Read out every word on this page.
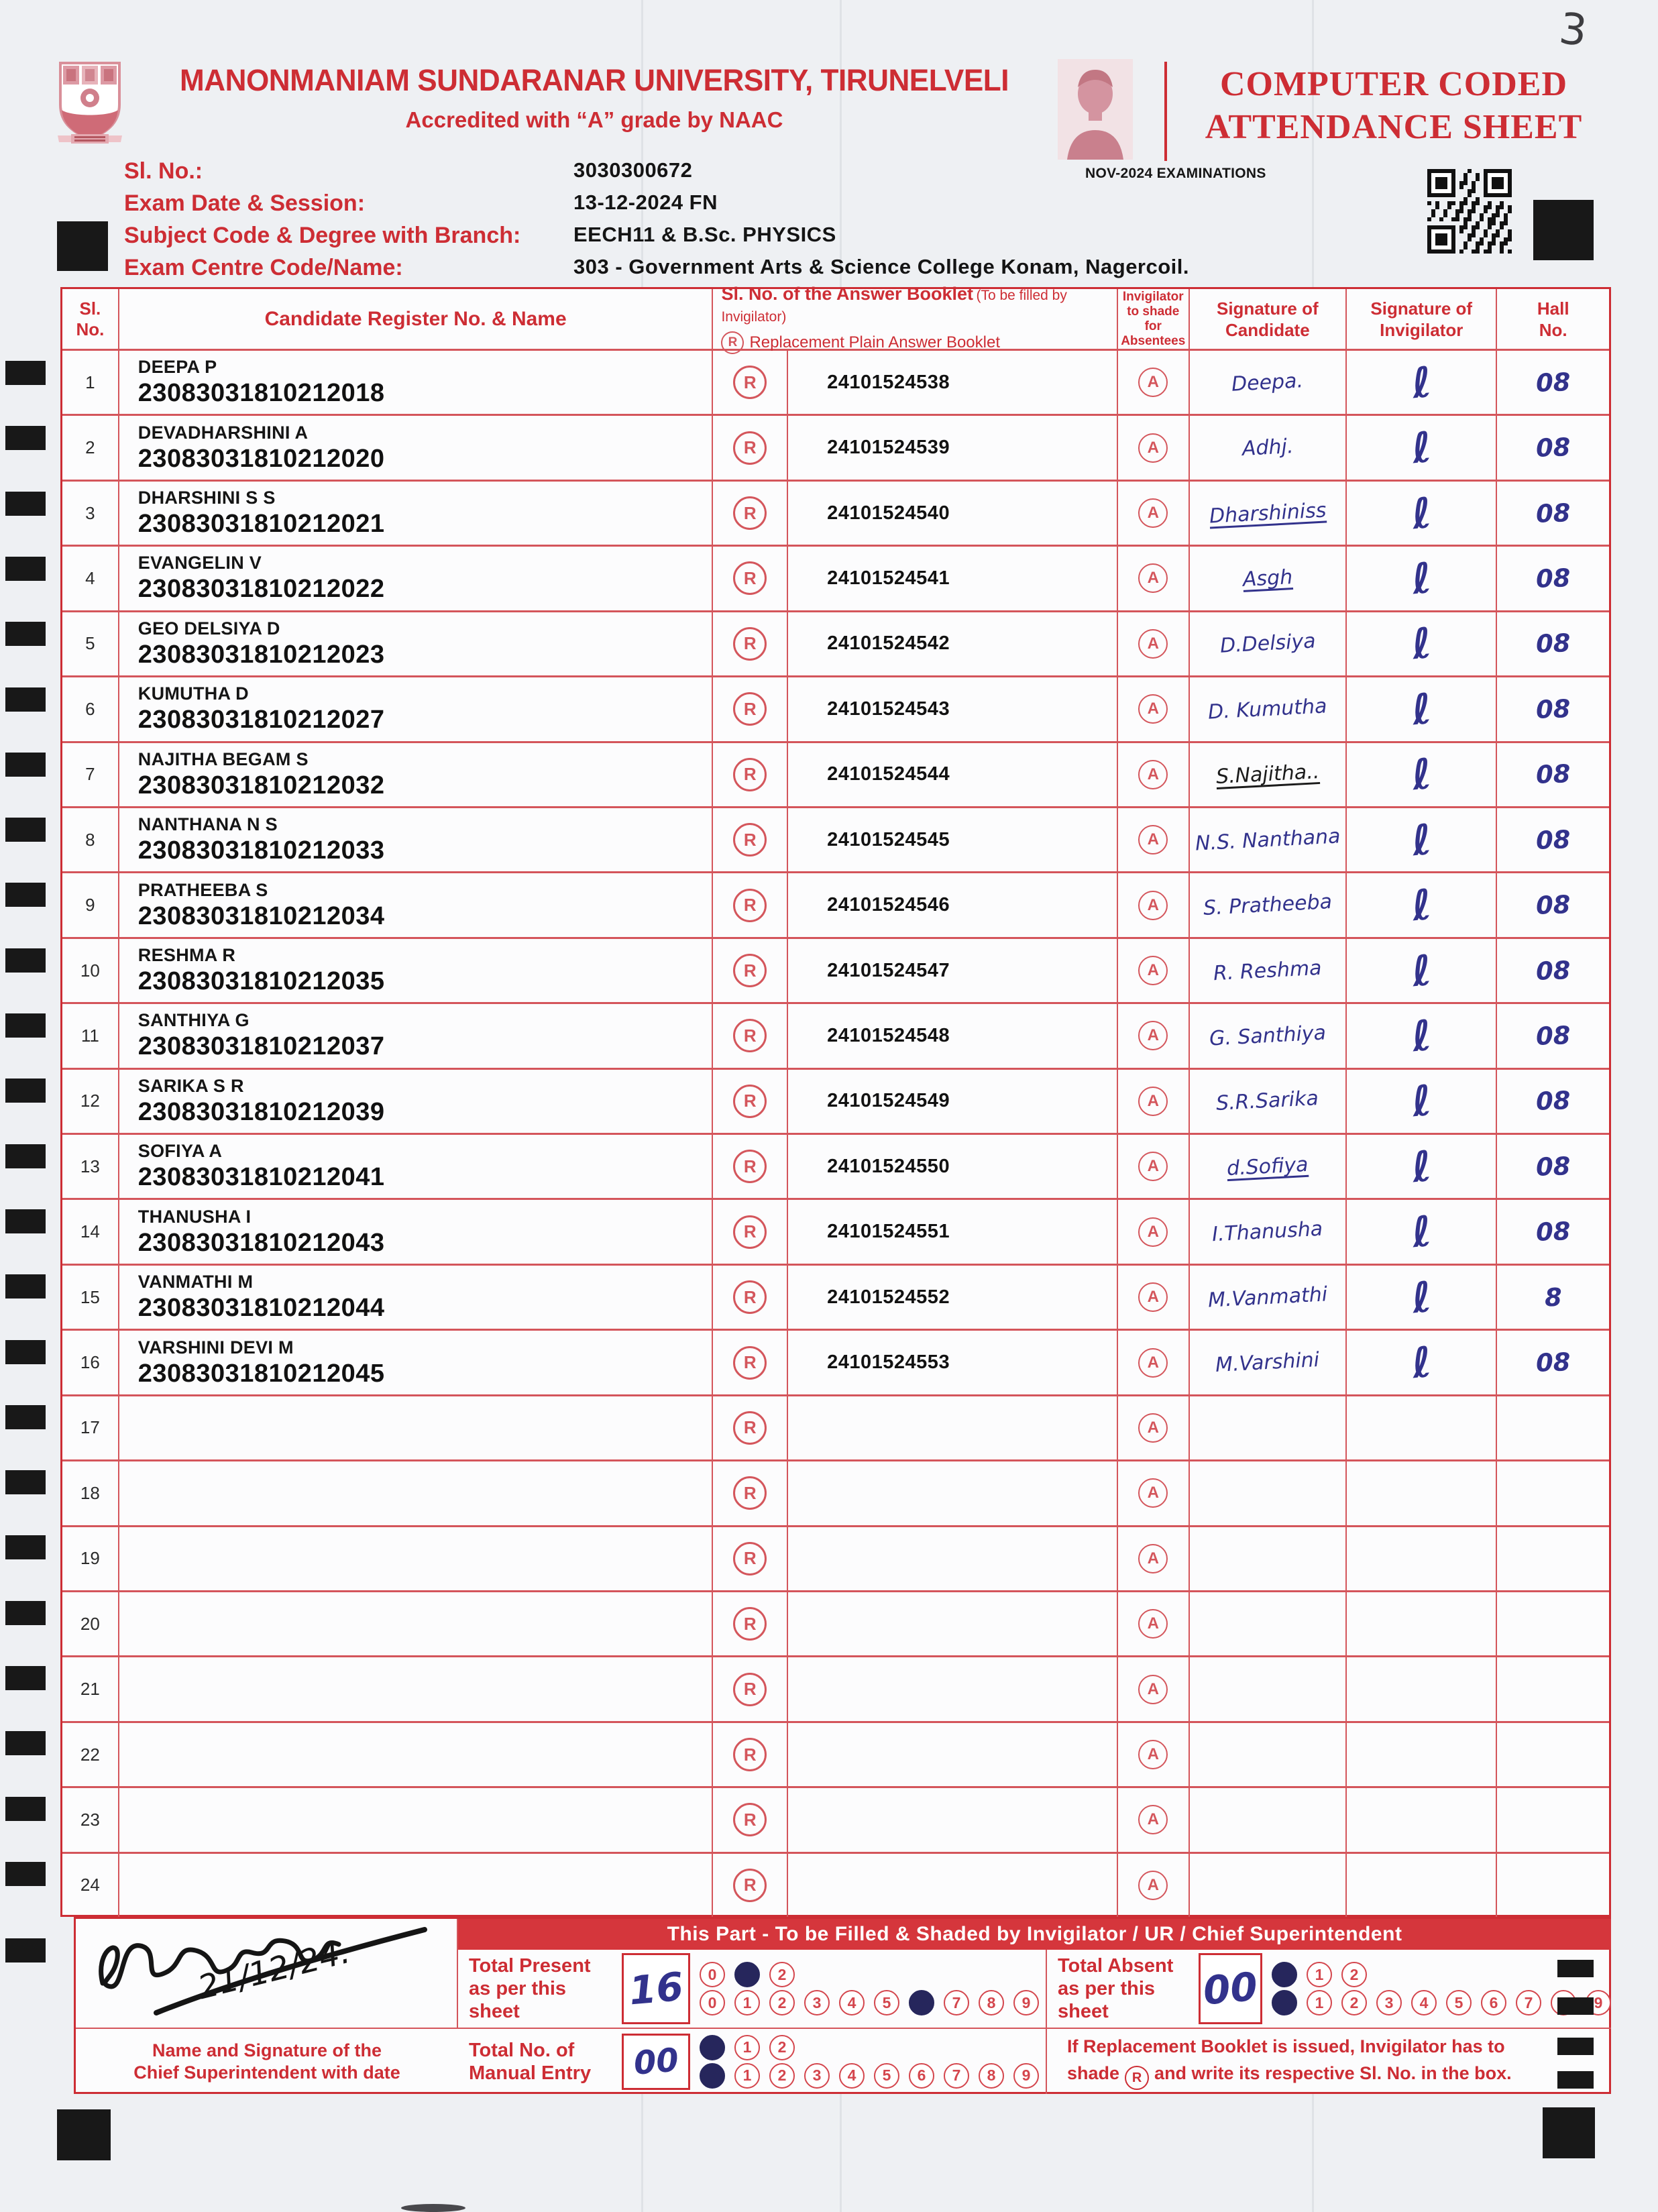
3
MANONMANIAM SUNDARANAR UNIVERSITY, TIRUNELVELI
Accredited with “A” grade by NAAC
COMPUTER CODED
ATTENDANCE SHEET
NOV-2024 EXAMINATIONS
Sl. No.:	3030300672
Exam Date & Session:	13-12-2024 FN
Subject Code & Degree with Branch:	EECH11 & B.Sc. PHYSICS
Exam Centre Code/Name:	303 - Government Arts & Science College Konam, Nagercoil.
Sl.
No.	Candidate Register No. & Name
Sl. No. of the Answer Booklet (To be filled by Invigilator)
R Replacement Plain Answer Booklet
Invigilator
to shade for
Absentees
Signature of
Candidate
Signature of
Invigilator
Hall
No.
1
DEEPA P
23083031810212018	R	24101524538	A	Deepa.	ℓ	08
2
DEVADHARSHINI A
23083031810212020	R	24101524539	A	Adhj.	ℓ	08
3
DHARSHINI S S
23083031810212021	R	24101524540	A	Dharshiniss ℓ	08
4
EVANGELIN V
23083031810212022	R	24101524541	A	Asgh	ℓ	08
5
GEO DELSIYA D
23083031810212023	R	24101524542	A	D.Delsiya ℓ	08
6
KUMUTHA D
23083031810212027	R	24101524543	A	D. Kumutha ℓ	08
7
NAJITHA BEGAM S
23083031810212032	R	24101524544	A	S.Najitha.. ℓ	08
8
NANTHANA N S
23083031810212033	R	24101524545	A	N.S. Nanthana ℓ	08
9
PRATHEEBA S
23083031810212034	R	24101524546	A	S. Pratheeba ℓ	08
10
RESHMA R
23083031810212035	R	24101524547	A	R. Reshma ℓ	08
11
SANTHIYA G
23083031810212037	R	24101524548	A	G. Santhiya ℓ	08
12
SARIKA S R
23083031810212039	R	24101524549	A	S.R.Sarika ℓ	08
13
SOFIYA A
23083031810212041	R	24101524550	A	d.Sofiya ℓ	08
14
THANUSHA I
23083031810212043	R	24101524551	A	I.Thanusha ℓ	08
15
VANMATHI M
23083031810212044	R	24101524552	A	M.Vanmathi ℓ	8
16
VARSHINI DEVI M
23083031810212045	R	24101524553	A	M.Varshini ℓ	08
17	R	A
18	R	A
19	R	A
20	R	A
21	R	A
22	R	A
23	R	A
24	R	A
21/12/24.
Name and Signature of the
Chief Superintendent with date
This Part - To be Filled & Shaded by Invigilator / UR / Chief Superintendent
Total Present
as per this sheet	16	0	2
0	1	2	3	4	5	7	8	9
Total Absent
as per this sheet	00	1	2
1	2	3	4	5	6	7	9
Total No. of
Manual Entry	00	1	2
1	2	3	4	5	6	7	8	9
If Replacement Booklet is issued, Invigilator has to
shade R and write its respective Sl. No. in the box.
